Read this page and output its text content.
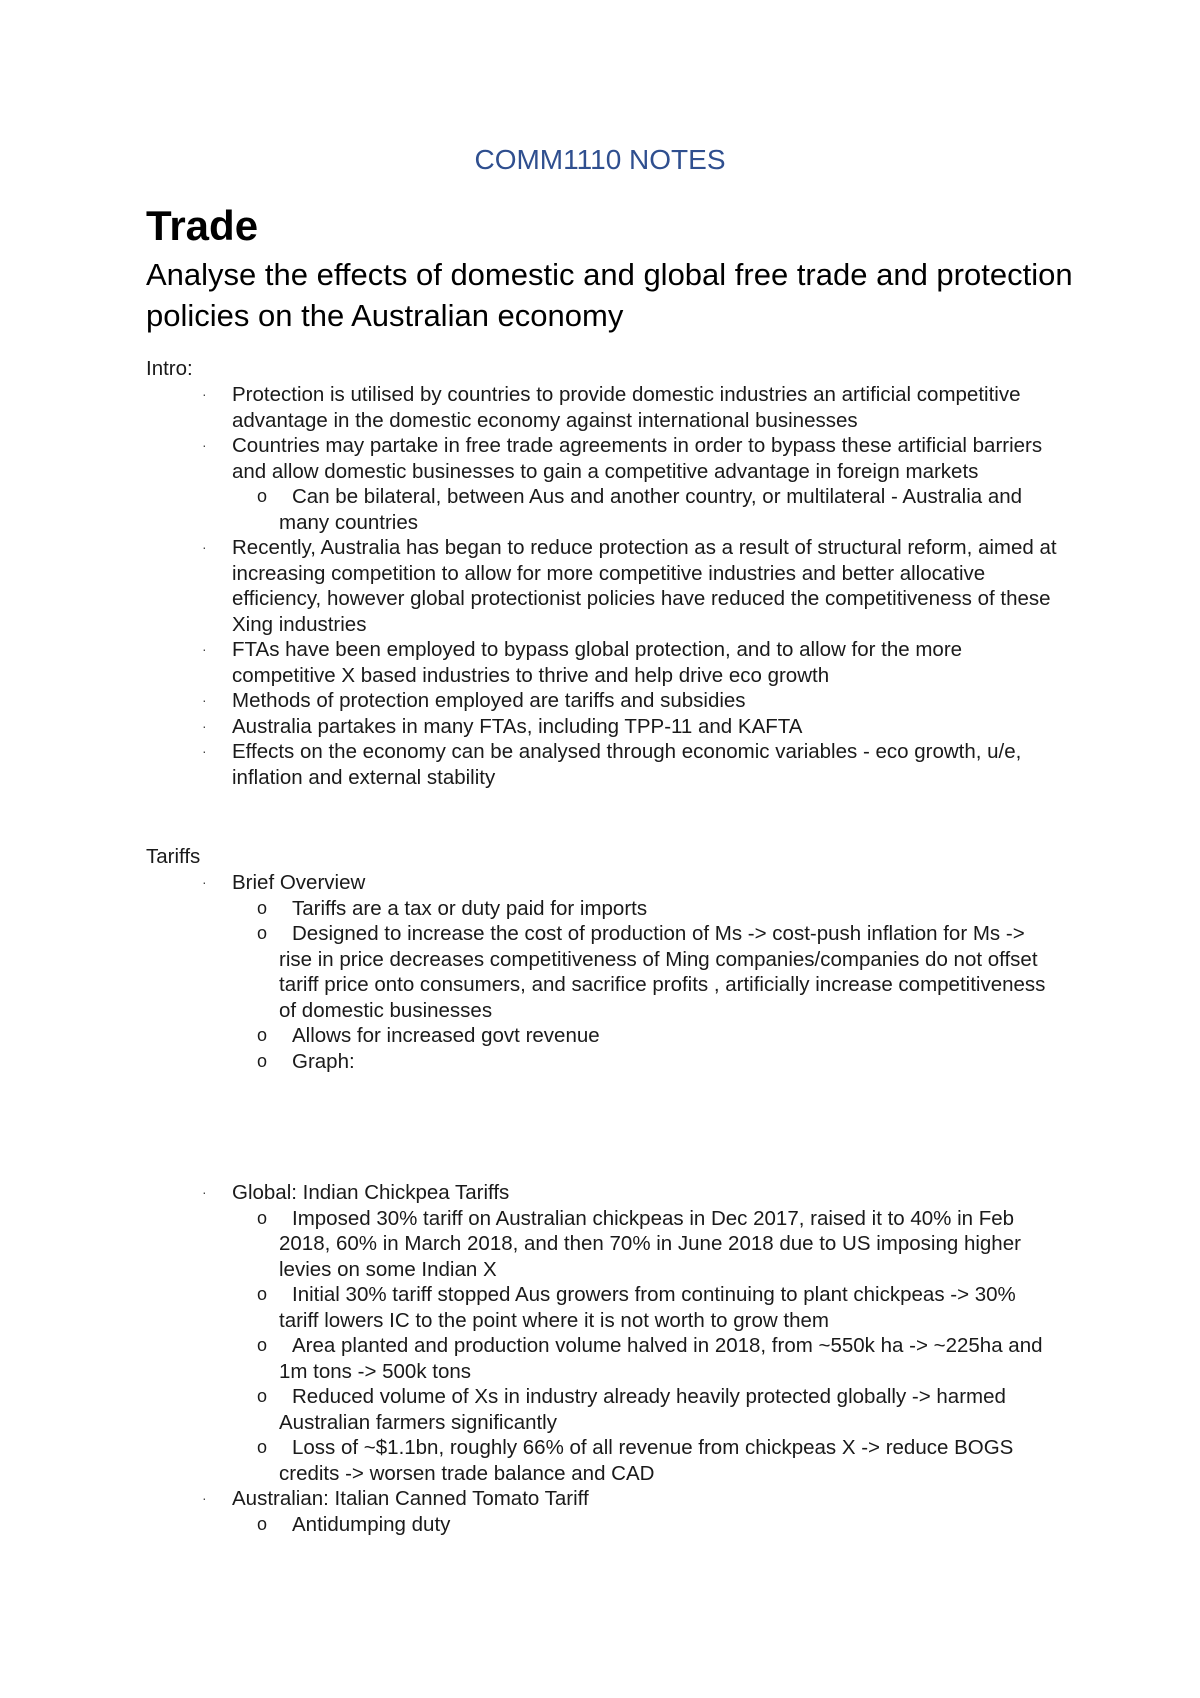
COMM1110 NOTES
Trade
Analyse the effects of domestic and global free trade and protection policies on the Australian economy
Intro:
· Protection is utilised by countries to provide domestic industries an artificial competitive advantage in the domestic economy against international businesses
· Countries may partake in free trade agreements in order to bypass these artificial barriers and allow domestic businesses to gain a competitive advantage in foreign markets
o Can be bilateral, between Aus and another country, or multilateral - Australia and many countries
· Recently, Australia has began to reduce protection as a result of structural reform, aimed at increasing competition to allow for more competitive industries and better allocative efficiency, however global protectionist policies have reduced the competitiveness of these Xing industries
· FTAs have been employed to bypass global protection, and to allow for the more competitive X based industries to thrive and help drive eco growth
· Methods of protection employed are tariffs and subsidies
· Australia partakes in many FTAs, including TPP-11 and KAFTA
· Effects on the economy can be analysed through economic variables - eco growth, u/e, inflation and external stability
Tariffs
· Brief Overview
o Tariffs are a tax or duty paid for imports
o Designed to increase the cost of production of Ms -> cost-push inflation for Ms -> rise in price decreases competitiveness of Ming companies/companies do not offset tariff price onto consumers, and sacrifice profits , artificially increase competitiveness of domestic businesses
o Allows for increased govt revenue
o Graph:
· Global: Indian Chickpea Tariffs
o Imposed 30% tariff on Australian chickpeas in Dec 2017, raised it to 40% in Feb 2018, 60% in March 2018, and then 70% in June 2018 due to US imposing higher levies on some Indian X
o Initial 30% tariff stopped Aus growers from continuing to plant chickpeas -> 30% tariff lowers IC to the point where it is not worth to grow them
o Area planted and production volume halved in 2018, from ~550k ha -> ~225ha and 1m tons -> 500k tons
o Reduced volume of Xs in industry already heavily protected globally -> harmed Australian farmers significantly
o Loss of ~$1.1bn, roughly 66% of all revenue from chickpeas X -> reduce BOGS credits -> worsen trade balance and CAD
· Australian: Italian Canned Tomato Tariff
o Antidumping duty
